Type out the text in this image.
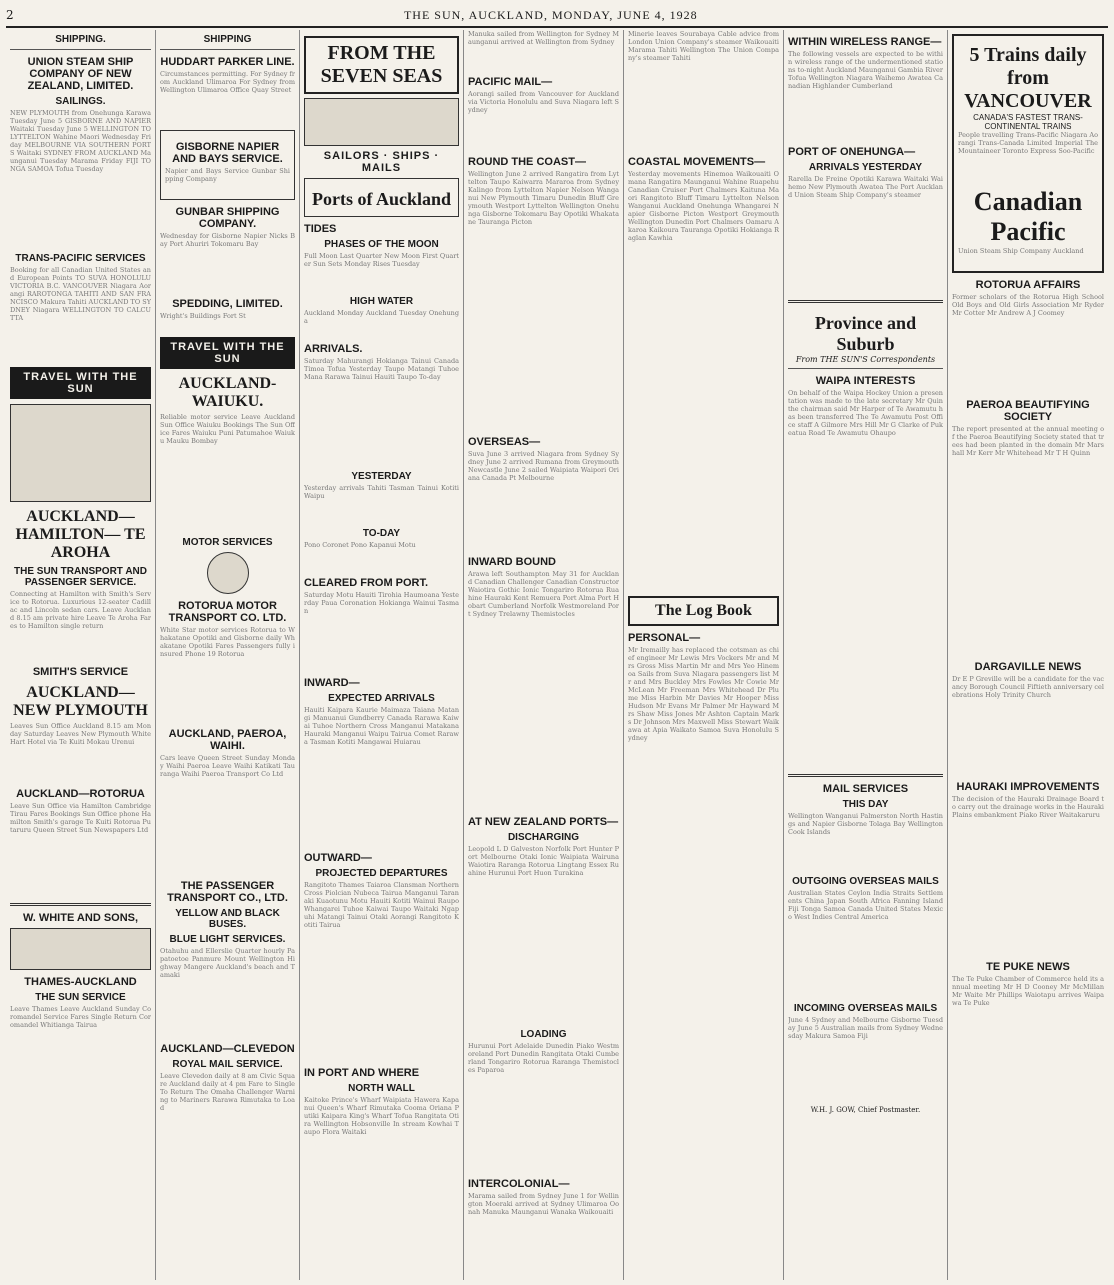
2	THE SUN, AUCKLAND, MONDAY, JUNE 4, 1928
SHIPPING.
UNION STEAM SHIP COMPANY OF NEW ZEALAND, LIMITED.
SAILINGS.
NEW PLYMOUTH from Onehunga Karawa Tuesday June 5 GISBORNE AND NAPIER Waitaki Tuesday June 5 WELLINGTON TO LYTTELTON Wahine Maori Wednesday Friday MELBOURNE VIA SOUTHERN PORTS Waitaki SYDNEY FROM AUCKLAND Maunganui Tuesday Marama Friday FIJI TONGA SAMOA Tofua Tuesday
TRANS-PACIFIC SERVICES
Booking for all Canadian United States and European Points TO SUVA HONOLULU VICTORIA B.C. VANCOUVER Niagara Aorangi RAROTONGA TAHITI AND SAN FRANCISCO Makura Tahiti AUCKLAND TO SYDNEY Niagara WELLINGTON TO CALCUTTA
TRAVEL WITH THE SUN
AUCKLAND— HAMILTON— TE AROHA
THE SUN TRANSPORT AND PASSENGER SERVICE.
Connecting at Hamilton with Smith's Service to Rotorua. Luxurious 12-seater Cadillac and Lincoln sedan cars. Leave Auckland 8.15 am private hire Leave Te Aroha Fares to Hamilton single return
SMITH'S SERVICE
AUCKLAND— NEW PLYMOUTH
Leaves Sun Office Auckland 8.15 am Monday Saturday Leaves New Plymouth White Hart Hotel via Te Kuiti Mokau Urenui
AUCKLAND—ROTORUA
Leave Sun Office via Hamilton Cambridge Tirau Fares Bookings Sun Office phone Hamilton Smith's garage Te Kuiti Rotorua Putaruru Queen Street Sun Newspapers Ltd
W. WHITE AND SONS,
THAMES-AUCKLAND
THE SUN SERVICE
Leave Thames Leave Auckland Sunday Coromandel Service Fares Single Return Coromandel Whitianga Tairua
SHIPPING
HUDDART PARKER LINE.
Circumstances permitting. For Sydney from Auckland Ulimaroa For Sydney from Wellington Ulimaroa Office Quay Street
GISBORNE NAPIER AND BAYS SERVICE.
Napier and Bays Service Gunbar Shipping Company
GUNBAR SHIPPING COMPANY.
Wednesday for Gisborne Napier Nicks Bay Port Ahuriri Tokomaru Bay
SPEDDING, LIMITED.
Wright's Buildings Fort St
TRAVEL WITH THE SUN
AUCKLAND-WAIUKU.
Reliable motor service Leave Auckland Sun Office Waiuku Bookings The Sun Office Fares Waiuku Puni Patumahoe Waiuku Mauku Bombay
MOTOR SERVICES
ROTORUA MOTOR TRANSPORT CO. LTD.
White Star motor services Rotorua to Whakatane Opotiki and Gisborne daily Whakatane Opotiki Fares Passengers fully insured Phone 19 Rotorua
AUCKLAND, PAEROA, WAIHI.
Cars leave Queen Street Sunday Monday Waihi Paeroa Leave Waihi Katikati Tauranga Waihi Paeroa Transport Co Ltd
THE PASSENGER TRANSPORT CO., LTD.
YELLOW AND BLACK BUSES.
BLUE LIGHT SERVICES.
Otahuhu and Ellerslie Quarter hourly Papatoetoe Panmure Mount Wellington Highway Mangere Auckland's beach and Tamaki
AUCKLAND—CLEVEDON
ROYAL MAIL SERVICE.
Leave Clevedon daily at 8 am Civic Square Auckland daily at 4 pm Fare to Single To Return The Omaha Challenger Warning to Mariners Rarawa Rimutaka to Load
FROM THE SEVEN SEAS
SAILORS · SHIPS · MAILS
Ports of Auckland
TIDES
PHASES OF THE MOON
Full Moon Last Quarter New Moon First Quarter Sun Sets Monday Rises Tuesday
HIGH WATER
Auckland Monday Auckland Tuesday Onehunga
ARRIVALS.
Saturday Mahurangi Hokianga Tainui Canada Timoa Tofua Yesterday Taupo Matangi Tuhoe Mana Rarawa Tainui Hauiti Taupo To-day
YESTERDAY
Yesterday arrivals Tahiti Tasman Tainui Kotiti Waipu
TO-DAY
Pono Coronet Pono Kapanui Motu
CLEARED FROM PORT.
Saturday Motu Hauiti Tirohia Haumoana Yesterday Paua Coronation Hokianga Wainui Tasman
INWARD—
EXPECTED ARRIVALS
Hauiti Kaipara Kaurie Maimaza Taiana Matangi Manuanui Gundberry Canada Rarawa Kaiwai Tuhoe Northern Cross Manganui Matakana Hauraki Manganui Waipu Tairua Comet Rarawa Tasman Kotiti Mangawai Huiarau
OUTWARD—
PROJECTED DEPARTURES
Rangitoto Thames Taiaroa Clansman Northern Cross Piolcian Nubeca Tairua Manganui Taranaki Kuaotunu Motu Hauiti Kotiti Wainui Raupo Whangarei Tuhoe Kaiwai Taupo Waitaki Ngapuhi Matangi Tainui Otaki Aorangi Rangitoto Kotiti Tairua
IN PORT AND WHERE
NORTH WALL
Kaitoke Prince's Wharf Waipiata Hawera Kapanui Queen's Wharf Rimutaka Cooma Oriana Putiki Kaipara King's Wharf Tofua Rangitata Otira Wellington Hobsonville In stream Kowhai Taupo Flora Waitaki
Manuka sailed from Wellington for Sydney Maunganui arrived at Wellington from Sydney
PACIFIC MAIL—
Aorangi sailed from Vancouver for Auckland via Victoria Honolulu and Suva Niagara left Sydney
ROUND THE COAST—
Wellington June 2 arrived Rangatira from Lyttelton Taupo Kaiwarra Mararoa from Sydney Kalingo from Lyttelton Napier Nelson Wanganui New Plymouth Timaru Dunedin Bluff Greymouth Westport Lyttelton Wellington Onehunga Gisborne Tokomaru Bay Opotiki Whakatane Tauranga Picton
OVERSEAS—
Suva June 3 arrived Niagara from Sydney Sydney June 2 arrived Rumana from Greymouth Newcastle June 2 sailed Waipiata Waipori Oriana Canada Pt Melbourne
INWARD BOUND
Arawa left Southampton May 31 for Auckland Canadian Challenger Canadian Constructor Waiotira Gothic Ionic Tongariro Rotorua Ruahine Hauraki Kent Remuera Port Alma Port Hobart Cumberland Norfolk Westmoreland Port Sydney Trelawny Themistocles
AT NEW ZEALAND PORTS—
DISCHARGING
Leopold L D Galveston Norfolk Port Hunter Port Melbourne Otaki Ionic Waipiata Wairuna Waiotira Raranga Rotorua Lingtang Essex Ruahine Hurunui Port Huon Turakina
LOADING
Hurunui Port Adelaide Dunedin Piako Westmoreland Port Dunedin Rangitata Otaki Cumberland Tongariro Rotorua Raranga Themistocles Paparoa
INTERCOLONIAL—
Marama sailed from Sydney June 1 for Wellington Moeraki arrived at Sydney Ulimaroa Oonah Manuka Maunganui Wanaka Waikouaiti
Minerie leaves Sourabaya Cable advice from London Union Company's steamer Waikouaiti Marama Tahiti Wellington The Union Company's steamer Tahiti
COASTAL MOVEMENTS—
Yesterday movements Hinemoa Waikouaiti Omana Rangatira Maunganui Wahine Ruapehu Canadian Cruiser Port Chalmers Kaituna Maori Rangitoto Bluff Timaru Lyttelton Nelson Wanganui Auckland Onehunga Whangarei Napier Gisborne Picton Westport Greymouth Wellington Dunedin Port Chalmers Oamaru Akaroa Kaikoura Tauranga Opotiki Hokianga Raglan Kawhia
The Log Book
PERSONAL—
Mr Iremailly has replaced the cotsman as chief engineer Mr Lewis Mrs Vockers Mr and Mrs Gross Miss Martin Mr and Mrs Yeo Hinemoa Sails from Suva Niagara passengers list Mr and Mrs Buckley Mrs Fowles Mr Cowie Mr McLean Mr Freeman Mrs Whitehead Dr Plume Miss Harbin Mr Davies Mr Hooper Miss Hudson Mr Evans Mr Palmer Mr Hayward Mrs Shaw Miss Jones Mr Ashton Captain Marks Dr Johnson Mrs Maxwell Miss Stewart Waikawa at Apia Waikato Samoa Suva Honolulu Sydney
WITHIN WIRELESS RANGE—
The following vessels are expected to be within wireless range of the undermentioned stations to-night Auckland Maunganui Gambia River Tofua Wellington Niagara Waihemo Awatea Canadian Highlander Cumberland
PORT OF ONEHUNGA—
ARRIVALS YESTERDAY
Rarella De Freine Opotiki Karawa Waitaki Waihemo New Plymouth Awatea The Port Auckland Union Steam Ship Company's steamer
Province and Suburb
From THE SUN'S Correspondents
WAIPA INTERESTS
On behalf of the Waipa Hockey Union a presentation was made to the late secretary Mr Quin the chairman said Mr Harper of Te Awamutu has been transferred The Te Awamutu Post Office staff A Gilmore Mrs Hill Mr G Clarke of Pukeatua Road Te Awamutu Ohaupo
MAIL SERVICES
THIS DAY
Wellington Wanganui Palmerston North Hastings and Napier Gisborne Tolaga Bay Wellington Cook Islands
OUTGOING OVERSEAS MAILS
Australian States Ceylon India Straits Settlements China Japan South Africa Fanning Island Fiji Tonga Samoa Canada United States Mexico West Indies Central America
INCOMING OVERSEAS MAILS
June 4 Sydney and Melbourne Gisborne Tuesday June 5 Australian mails from Sydney Wednesday Makura Samoa Fiji
W.H. J. GOW, Chief Postmaster.
5 Trains daily from VANCOUVER
CANADA'S FASTEST TRANS-CONTINENTAL TRAINS
People travelling Trans-Pacific Niagara Aorangi Trans-Canada Limited Imperial The Mountaineer Toronto Express Soo-Pacific
Canadian Pacific
Union Steam Ship Company Auckland
ROTORUA AFFAIRS
Former scholars of the Rotorua High School Old Boys and Old Girls Association Mr Ryder Mr Cotter Mr Andrew A J Coomey
PAEROA BEAUTIFYING SOCIETY
The report presented at the annual meeting of the Paeroa Beautifying Society stated that trees had been planted in the domain Mr Marshall Mr Kerr Mr Whitehead Mr T H Quinn
DARGAVILLE NEWS
Dr E P Greville will be a candidate for the vacancy Borough Council Fiftieth anniversary celebrations Holy Trinity Church
HAURAKI IMPROVEMENTS
The decision of the Hauraki Drainage Board to carry out the drainage works in the Hauraki Plains embankment Piako River Waitakaruru
TE PUKE NEWS
The Te Puke Chamber of Commerce held its annual meeting Mr H D Cooney Mr McMillan Mr Waite Mr Phillips Waiotapu arrives Waipawa Te Puke
